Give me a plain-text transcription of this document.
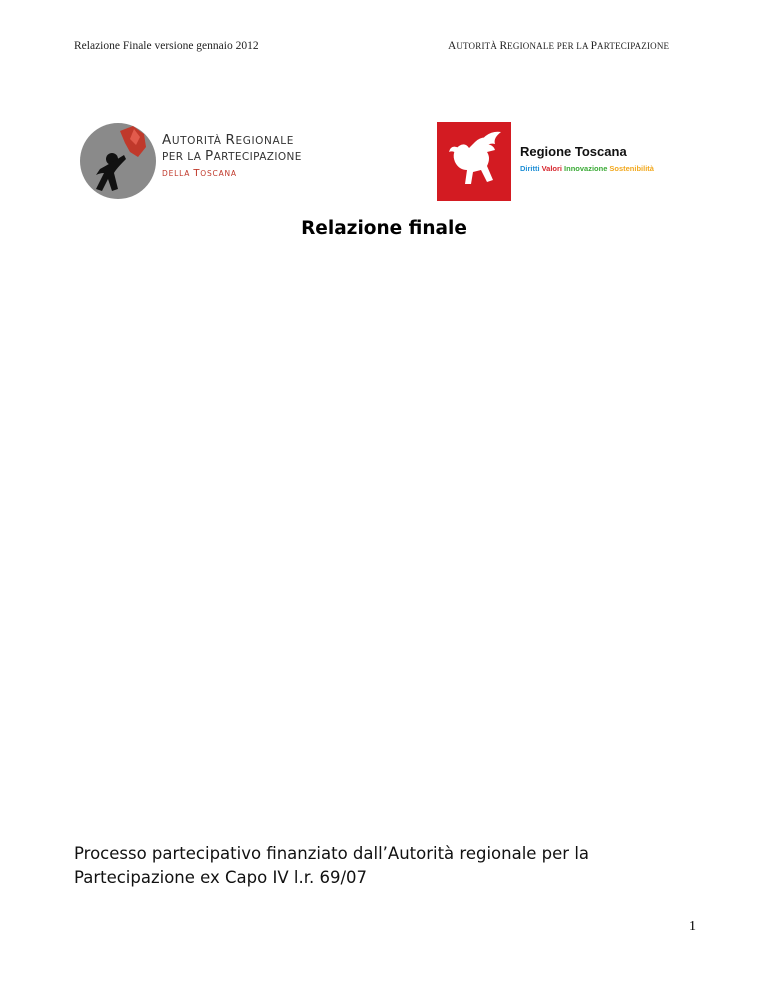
Relazione Finale versione gennaio 2012	AUTORITÀ REGIONALE PER LA PARTECIPAZIONE
AUTORITÀ REGIONALE
PER LA PARTECIPAZIONE
DELLA TOSCANA
Regione Toscana
Diritti Valori Innovazione Sostenibilità
Relazione finale
Processo partecipativo finanziato dall’Autorità regionale per la Partecipazione ex Capo IV l.r. 69/07
1
